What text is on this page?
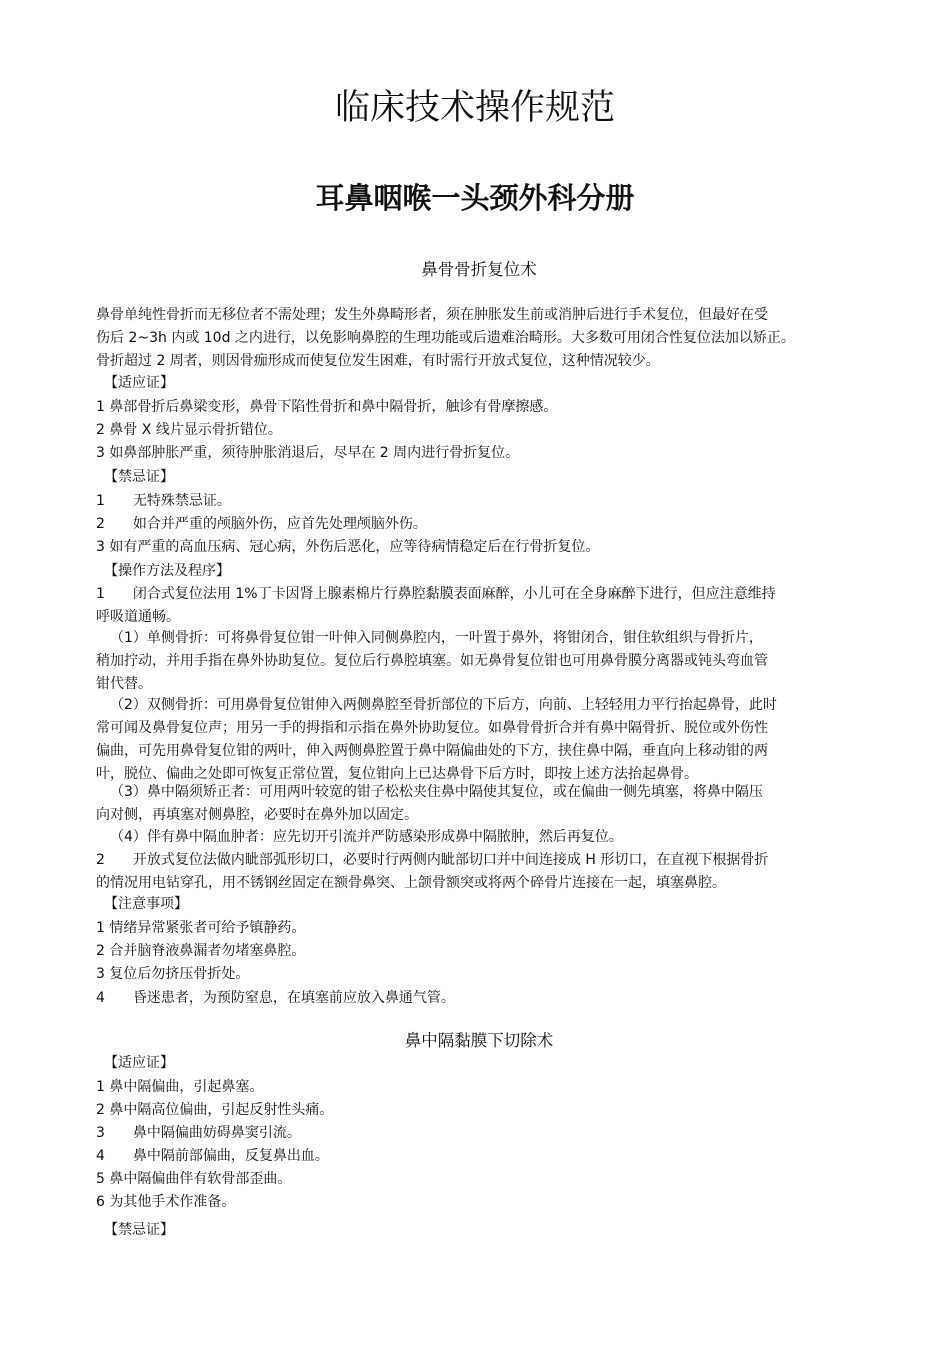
临床技术操作规范
耳鼻咽喉一头颈外科分册
鼻骨骨折复位术
鼻骨单纯性骨折而无移位者不需处理；发生外鼻畸形者，须在肿胀发生前或消肿后进行手术复位，但最好在受
伤后 2~3h 内或 10d 之内进行，以免影响鼻腔的生理功能或后遗难治畸形。大多数可用闭合性复位法加以矫正。
骨折超过 2 周者，则因骨痂形成而使复位发生困难，有时需行开放式复位，这种情况较少。
【适应证】
1 鼻部骨折后鼻梁变形，鼻骨下陷性骨折和鼻中隔骨折，触诊有骨摩擦感。
2 鼻骨 X 线片显示骨折错位。
3 如鼻部肿胀严重，须待肿胀消退后，尽早在 2 周内进行骨折复位。
【禁忌证】
1　　无特殊禁忌证。
2　　如合并严重的颅脑外伤，应首先处理颅脑外伤。
3 如有严重的高血压病、冠心病，外伤后恶化，应等待病情稳定后在行骨折复位。
【操作方法及程序】
1　　闭合式复位法用 1%丁卡因肾上腺素棉片行鼻腔黏膜表面麻醉，小儿可在全身麻醉下进行，但应注意维持
呼吸道通畅。
（1）单侧骨折：可将鼻骨复位钳一叶伸入同侧鼻腔内，一叶置于鼻外，将钳闭合，钳住软组织与骨折片，
稍加拧动，并用手指在鼻外协助复位。复位后行鼻腔填塞。如无鼻骨复位钳也可用鼻骨膜分离器或钝头弯血管
钳代替。
（2）双侧骨折：可用鼻骨复位钳伸入两侧鼻腔至骨折部位的下后方，向前、上轻轻用力平行抬起鼻骨，此时
常可闻及鼻骨复位声；用另一手的拇指和示指在鼻外协助复位。如鼻骨骨折合并有鼻中隔骨折、脱位或外伤性
偏曲，可先用鼻骨复位钳的两叶，伸入两侧鼻腔置于鼻中隔偏曲处的下方，挟住鼻中隔，垂直向上移动钳的两
叶，脱位、偏曲之处即可恢复正常位置，复位钳向上已达鼻骨下后方时，即按上述方法抬起鼻骨。
（3）鼻中隔须矫正者：可用两叶较宽的钳子松松夹住鼻中隔使其复位，或在偏曲一侧先填塞，将鼻中隔压
向对侧，再填塞对侧鼻腔，必要时在鼻外加以固定。
（4）伴有鼻中隔血肿者：应先切开引流并严防感染形成鼻中隔脓肿，然后再复位。
2　　开放式复位法做内眦部弧形切口，必要时行两侧内眦部切口并中间连接成 H 形切口，在直视下根据骨折
的情况用电钻穿孔，用不锈钢丝固定在额骨鼻突、上颌骨额突或将两个碎骨片连接在一起，填塞鼻腔。
【注意事项】
1 情绪异常紧张者可给予镇静药。
2 合并脑脊液鼻漏者勿堵塞鼻腔。
3 复位后勿挤压骨折处。
4　　昏迷患者，为预防窒息，在填塞前应放入鼻通气管。
鼻中隔黏膜下切除术
【适应证】
1 鼻中隔偏曲，引起鼻塞。
2 鼻中隔高位偏曲，引起反射性头痛。
3　　鼻中隔偏曲妨碍鼻窦引流。
4　　鼻中隔前部偏曲，反复鼻出血。
5 鼻中隔偏曲伴有软骨部歪曲。
6 为其他手术作准备。
【禁忌证】
